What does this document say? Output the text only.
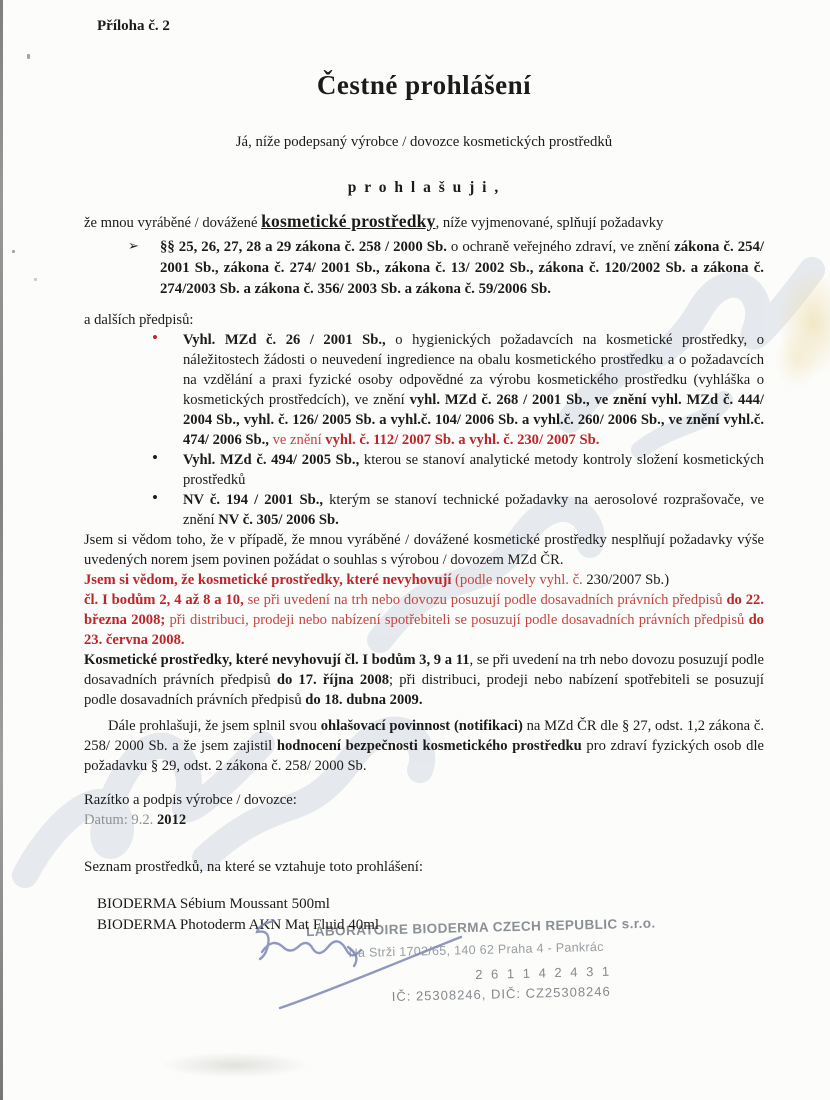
Příloha č. 2

Čestné prohlášení

Já, níže podepsaný výrobce / dovozce kosmetických prostředků

p r o h l a š u j i ,

že mnou vyráběné / dovážené kosmetické prostředky, níže vyjmenované, splňují požadavky

➢ §§ 25, 26, 27, 28 a 29 zákona č. 258 / 2000 Sb. o ochraně veřejného zdraví, ve znění zákona č. 254/ 2001 Sb., zákona č. 274/ 2001 Sb., zákona č. 13/ 2002 Sb., zákona č. 120/2002 Sb. a zákona č. 274/2003 Sb. a zákona č. 356/ 2003 Sb. a zákona č. 59/2006 Sb.

a dalších předpisů:

• Vyhl. MZd č. 26 / 2001 Sb., o hygienických požadavcích na kosmetické prostředky, o náležitostech žádosti o neuvedení ingredience na obalu kosmetického prostředku a o požadavcích na vzdělání a praxi fyzické osoby odpovědné za výrobu kosmetického prostředku (vyhláška o kosmetických prostředcích), ve znění vyhl. MZd č. 268 / 2001 Sb., ve znění vyhl. MZd č. 444/ 2004 Sb., vyhl. č. 126/ 2005 Sb. a vyhl.č. 104/ 2006 Sb. a vyhl.č. 260/ 2006 Sb., ve znění vyhl.č. 474/ 2006 Sb., ve znění vyhl. č. 112/ 2007 Sb. a vyhl. č. 230/ 2007 Sb.
• Vyhl. MZd č. 494/ 2005 Sb., kterou se stanoví analytické metody kontroly složení kosmetických prostředků
• NV č. 194 / 2001 Sb., kterým se stanoví technické požadavky na aerosolové rozprašovače, ve znění NV č. 305/ 2006 Sb.

Jsem si vědom toho, že v případě, že mnou vyráběné / dovážené kosmetické prostředky nesplňují požadavky výše uvedených norem jsem povinen požádat o souhlas s výrobou / dovozem MZd ČR.

Jsem si vědom, že kosmetické prostředky, které nevyhovují (podle novely vyhl. č. 230/2007 Sb.)

čl. I bodům 2, 4 až 8 a 10, se při uvedení na trh nebo dovozu posuzují podle dosavadních právních předpisů do 22. března 2008; při distribuci, prodeji nebo nabízení spotřebiteli se posuzují podle dosavadních právních předpisů do 23. června 2008.

Kosmetické prostředky, které nevyhovují čl. I bodům 3, 9 a 11, se při uvedení na trh nebo dovozu posuzují podle dosavadních právních předpisů do 17. října 2008; při distribuci, prodeji nebo nabízení spotřebiteli se posuzují podle dosavadních právních předpisů do 18. dubna 2009.

Dále prohlašuji, že jsem splnil svou ohlašovací povinnost (notifikaci) na MZd ČR dle § 27, odst. 1,2 zákona č. 258/ 2000 Sb. a že jsem zajistil hodnocení bezpečnosti kosmetického prostředku pro zdraví fyzických osob dle požadavku § 29, odst. 2 zákona č. 258/ 2000 Sb.

Razítko a podpis výrobce / dovozce:

Datum: 9.2. 2012

Seznam prostředků, na které se vztahuje toto prohlášení:

BIODERMA Sébium Moussant 500ml

BIODERMA Photoderm AKN Mat Fluid 40ml

LABORATOIRE BIODERMA CZECH REPUBLIC s.r.o.
Na Strži 1702/65, 140 62 Praha 4 - Pankrác
2 6 1 1 4 2 4 3 1
IČ: 25308246, DIČ: CZ25308246
